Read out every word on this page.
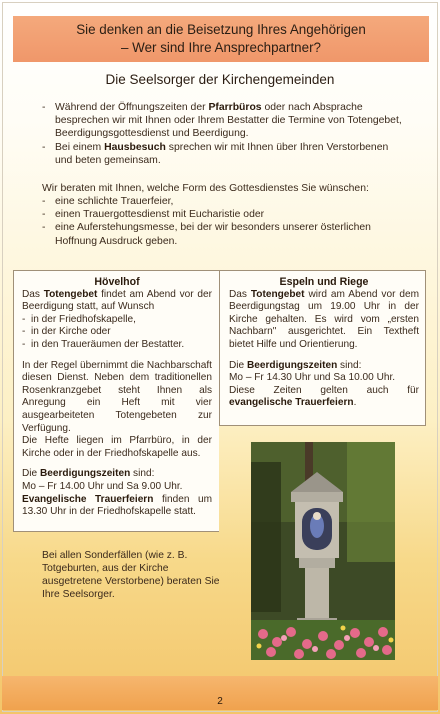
Sie denken an die Beisetzung Ihres Angehörigen
– Wer sind Ihre Ansprechpartner?
Die Seelsorger der Kirchengemeinden
- Während der Öffnungszeiten der Pfarrbüros oder nach Absprache besprechen wir mit Ihnen oder Ihrem Bestatter die Termine von Totengebet, Beerdigungsgottesdienst und Beerdigung.
- Bei einem Hausbesuch sprechen wir mit Ihnen über Ihren Verstorbenen und beten gemeinsam.
Wir beraten mit Ihnen, welche Form des Gottesdienstes Sie wünschen:
- eine schlichte Trauerfeier,
- einen Trauergottesdienst mit Eucharistie oder
- eine Auferstehungsmesse, bei der wir besonders unserer österlichen Hoffnung Ausdruck geben.
Hövelhof

Das Totengebet findet am Abend vor der Beerdigung statt, auf Wunsch

-  in der Friedhofskapelle,

-  in der Kirche oder

-  in den Traueräumen der Bestatter.

In der Regel übernimmt die Nachbarschaft diesen Dienst. Neben dem traditionellen Rosenkranzgebet steht Ihnen als Anregung ein Heft mit vier ausgearbeiteten Totengebeten zur Verfügung.

Die Hefte liegen im Pfarrbüro, in der Kirche oder in der Friedhofskapelle aus.

Die Beerdigungszeiten sind:

Mo – Fr 14.00 Uhr und Sa 9.00 Uhr.

Evangelische Trauerfeiern finden um 13.30 Uhr in der Friedhofskapelle statt.

Espeln und Riege

Das Totengebet wird am Abend vor dem Beerdigungstag um 19.00 Uhr in der Kirche gehalten. Es wird vom „ersten Nachbarn" ausgerichtet. Ein Textheft bietet Hilfe und Orientierung.

Die Beerdigungszeiten sind:

Mo – Fr 14.30 Uhr und Sa 10.00 Uhr.

Diese Zeiten gelten auch für evangelische Trauerfeiern.

Bei allen Sonderfällen (wie z. B. Totgeburten, aus der Kirche ausgetretene Verstorbene) beraten Sie Ihre Seelsorger.
2
